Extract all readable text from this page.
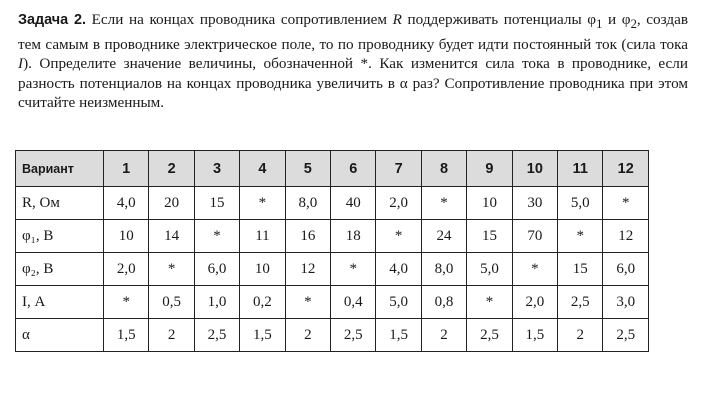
Задача 2. Если на концах проводника сопротивлением R поддерживать потенциалы $\varphi_1$ и $\varphi_2$, создав тем самым в проводнике электрическое поле, то по проводнику будет идти постоянный ток (сила тока I). Определите значение величины, обозначенной *. Как изменится сила тока в проводнике, если разность потенциалов на концах проводника увеличить в α раз? Сопротивление проводника при этом считайте неизменным.
Вариант	1	2	3	4	5	6	7	8	9	10	11	12
R, Ом	4,0	20	15	*	8,0	40	2,0	*	10	30	5,0	*
φ₁, В	10	14	*	11	16	18	*	24	15	70	*	12
φ₂, В	2,0	*	6,0	10	12	*	4,0	8,0	5,0	*	15	6,0
I, А	*	0,5	1,0	0,2	*	0,4	5,0	0,8	*	2,0	2,5	3,0
α	1,5	2	2,5	1,5	2	2,5	1,5	2	2,5	1,5	2	2,5
